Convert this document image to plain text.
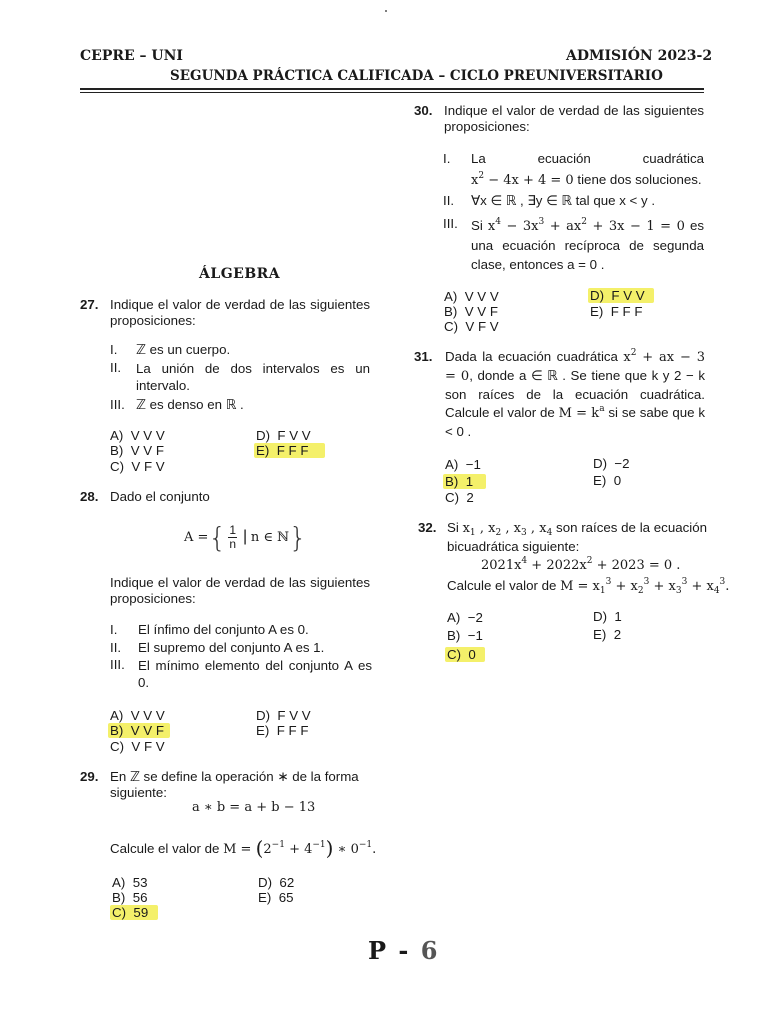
CEPRE – UNI	ADMISIÓN 2023-2
SEGUNDA PRÁCTICA CALIFICADA – CICLO PREUNIVERSITARIO
ÁLGEBRA
27. Indique el valor de verdad de las siguientes proposiciones:
I. ℤ es un cuerpo.
II. La unión de dos intervalos es un intervalo.
III. ℤ es denso en ℝ .
A) V V V
B) V V F
C) V F V
D) F V V
E) F F F
28. Dado el conjunto
A ={ $\frac{1}{n}$ | n ∈ ℕ}
Indique el valor de verdad de las siguientes proposiciones:
I. El ínfimo del conjunto A es 0.
II. El supremo del conjunto A es 1.
III. El mínimo elemento del conjunto A es 0.
A) V V V
B) V V F
C) V F V
D) F V V
E) F F F
29. En ℤ se define la operación ∗ de la forma siguiente:
a ∗ b = a + b − 13
Calcule el valor de $M = (2^{-1} + 4^{-1})$ ∗ $0^{-1}$.
A) 53
B) 56
C) 59
D) 62
E) 65
30. Indique el valor de verdad de las siguientes proposiciones:
I. La ecuación cuadrática
$x^2 - 4x + 4 = 0$ tiene dos soluciones.
II. ∀x ∈ ℝ , ∃y ∈ ℝ tal que x < y .
III. Si $x^4 - 3x^3 + ax^2 + 3x - 1 = 0$ es una ecuación recíproca de segunda clase, entonces a = 0 .
A) V V V
B) V V F
C) V F V
D) F V V
E) F F F
31. Dada la ecuación cuadrática $x^2$ + ax − 3 = 0, donde a ∈ ℝ . Se tiene que k y 2 − k son raíces de la ecuación cuadrática. Calcule el valor de $M = k^a$ si se sabe que k < 0 .
A) −1
B) 1
C) 2
D) −2
E) 0
32. Si $x_1$ , $x_2$ , $x_3$ , $x_4$ son raíces de la ecuación bicuadrática siguiente:
$2021x^4 + 2022x^2 + 2023 = 0$ .
Calcule el valor de $M = x_1^3 + x_2^3 + x_3^3 + x_4^3$.
A) −2
B) −1
C) 0
D) 1
E) 2
P - 6
